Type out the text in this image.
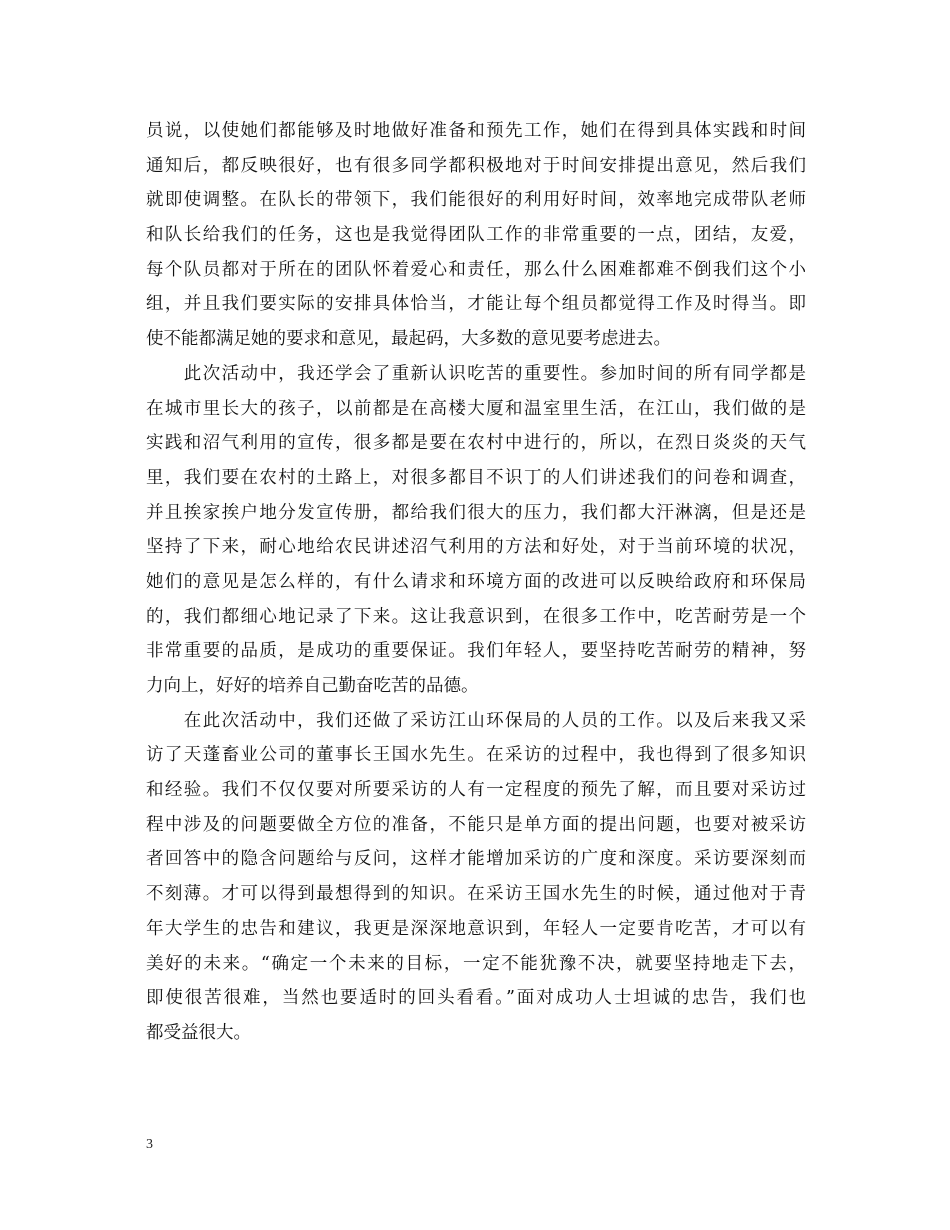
员说，以使她们都能够及时地做好准备和预先工作，她们在得到具体实践和时间
通知后，都反映很好，也有很多同学都积极地对于时间安排提出意见，然后我们
就即使调整。在队长的带领下，我们能很好的利用好时间，效率地完成带队老师
和队长给我们的任务，这也是我觉得团队工作的非常重要的一点，团结，友爱，
每个队员都对于所在的团队怀着爱心和责任，那么什么困难都难不倒我们这个小
组，并且我们要实际的安排具体恰当，才能让每个组员都觉得工作及时得当。即
使不能都满足她的要求和意见，最起码，大多数的意见要考虑进去。
　　此次活动中，我还学会了重新认识吃苦的重要性。参加时间的所有同学都是
在城市里长大的孩子，以前都是在高楼大厦和温室里生活，在江山，我们做的是
实践和沼气利用的宣传，很多都是要在农村中进行的，所以，在烈日炎炎的天气
里，我们要在农村的土路上，对很多都目不识丁的人们讲述我们的问卷和调查，
并且挨家挨户地分发宣传册，都给我们很大的压力，我们都大汗淋漓，但是还是
坚持了下来，耐心地给农民讲述沼气利用的方法和好处，对于当前环境的状况，
她们的意见是怎么样的，有什么请求和环境方面的改进可以反映给政府和环保局
的，我们都细心地记录了下来。这让我意识到，在很多工作中，吃苦耐劳是一个
非常重要的品质，是成功的重要保证。我们年轻人，要坚持吃苦耐劳的精神，努
力向上，好好的培养自己勤奋吃苦的品德。
　　在此次活动中，我们还做了采访江山环保局的人员的工作。以及后来我又采
访了天蓬畜业公司的董事长王国水先生。在采访的过程中，我也得到了很多知识
和经验。我们不仅仅要对所要采访的人有一定程度的预先了解，而且要对采访过
程中涉及的问题要做全方位的准备，不能只是单方面的提出问题，也要对被采访
者回答中的隐含问题给与反问，这样才能增加采访的广度和深度。采访要深刻而
不刻薄。才可以得到最想得到的知识。在采访王国水先生的时候，通过他对于青
年大学生的忠告和建议，我更是深深地意识到，年轻人一定要肯吃苦，才可以有
美好的未来。“确定一个未来的目标，一定不能犹豫不决，就要坚持地走下去，
即使很苦很难，当然也要适时的回头看看。”面对成功人士坦诚的忠告，我们也
都受益很大。
3
